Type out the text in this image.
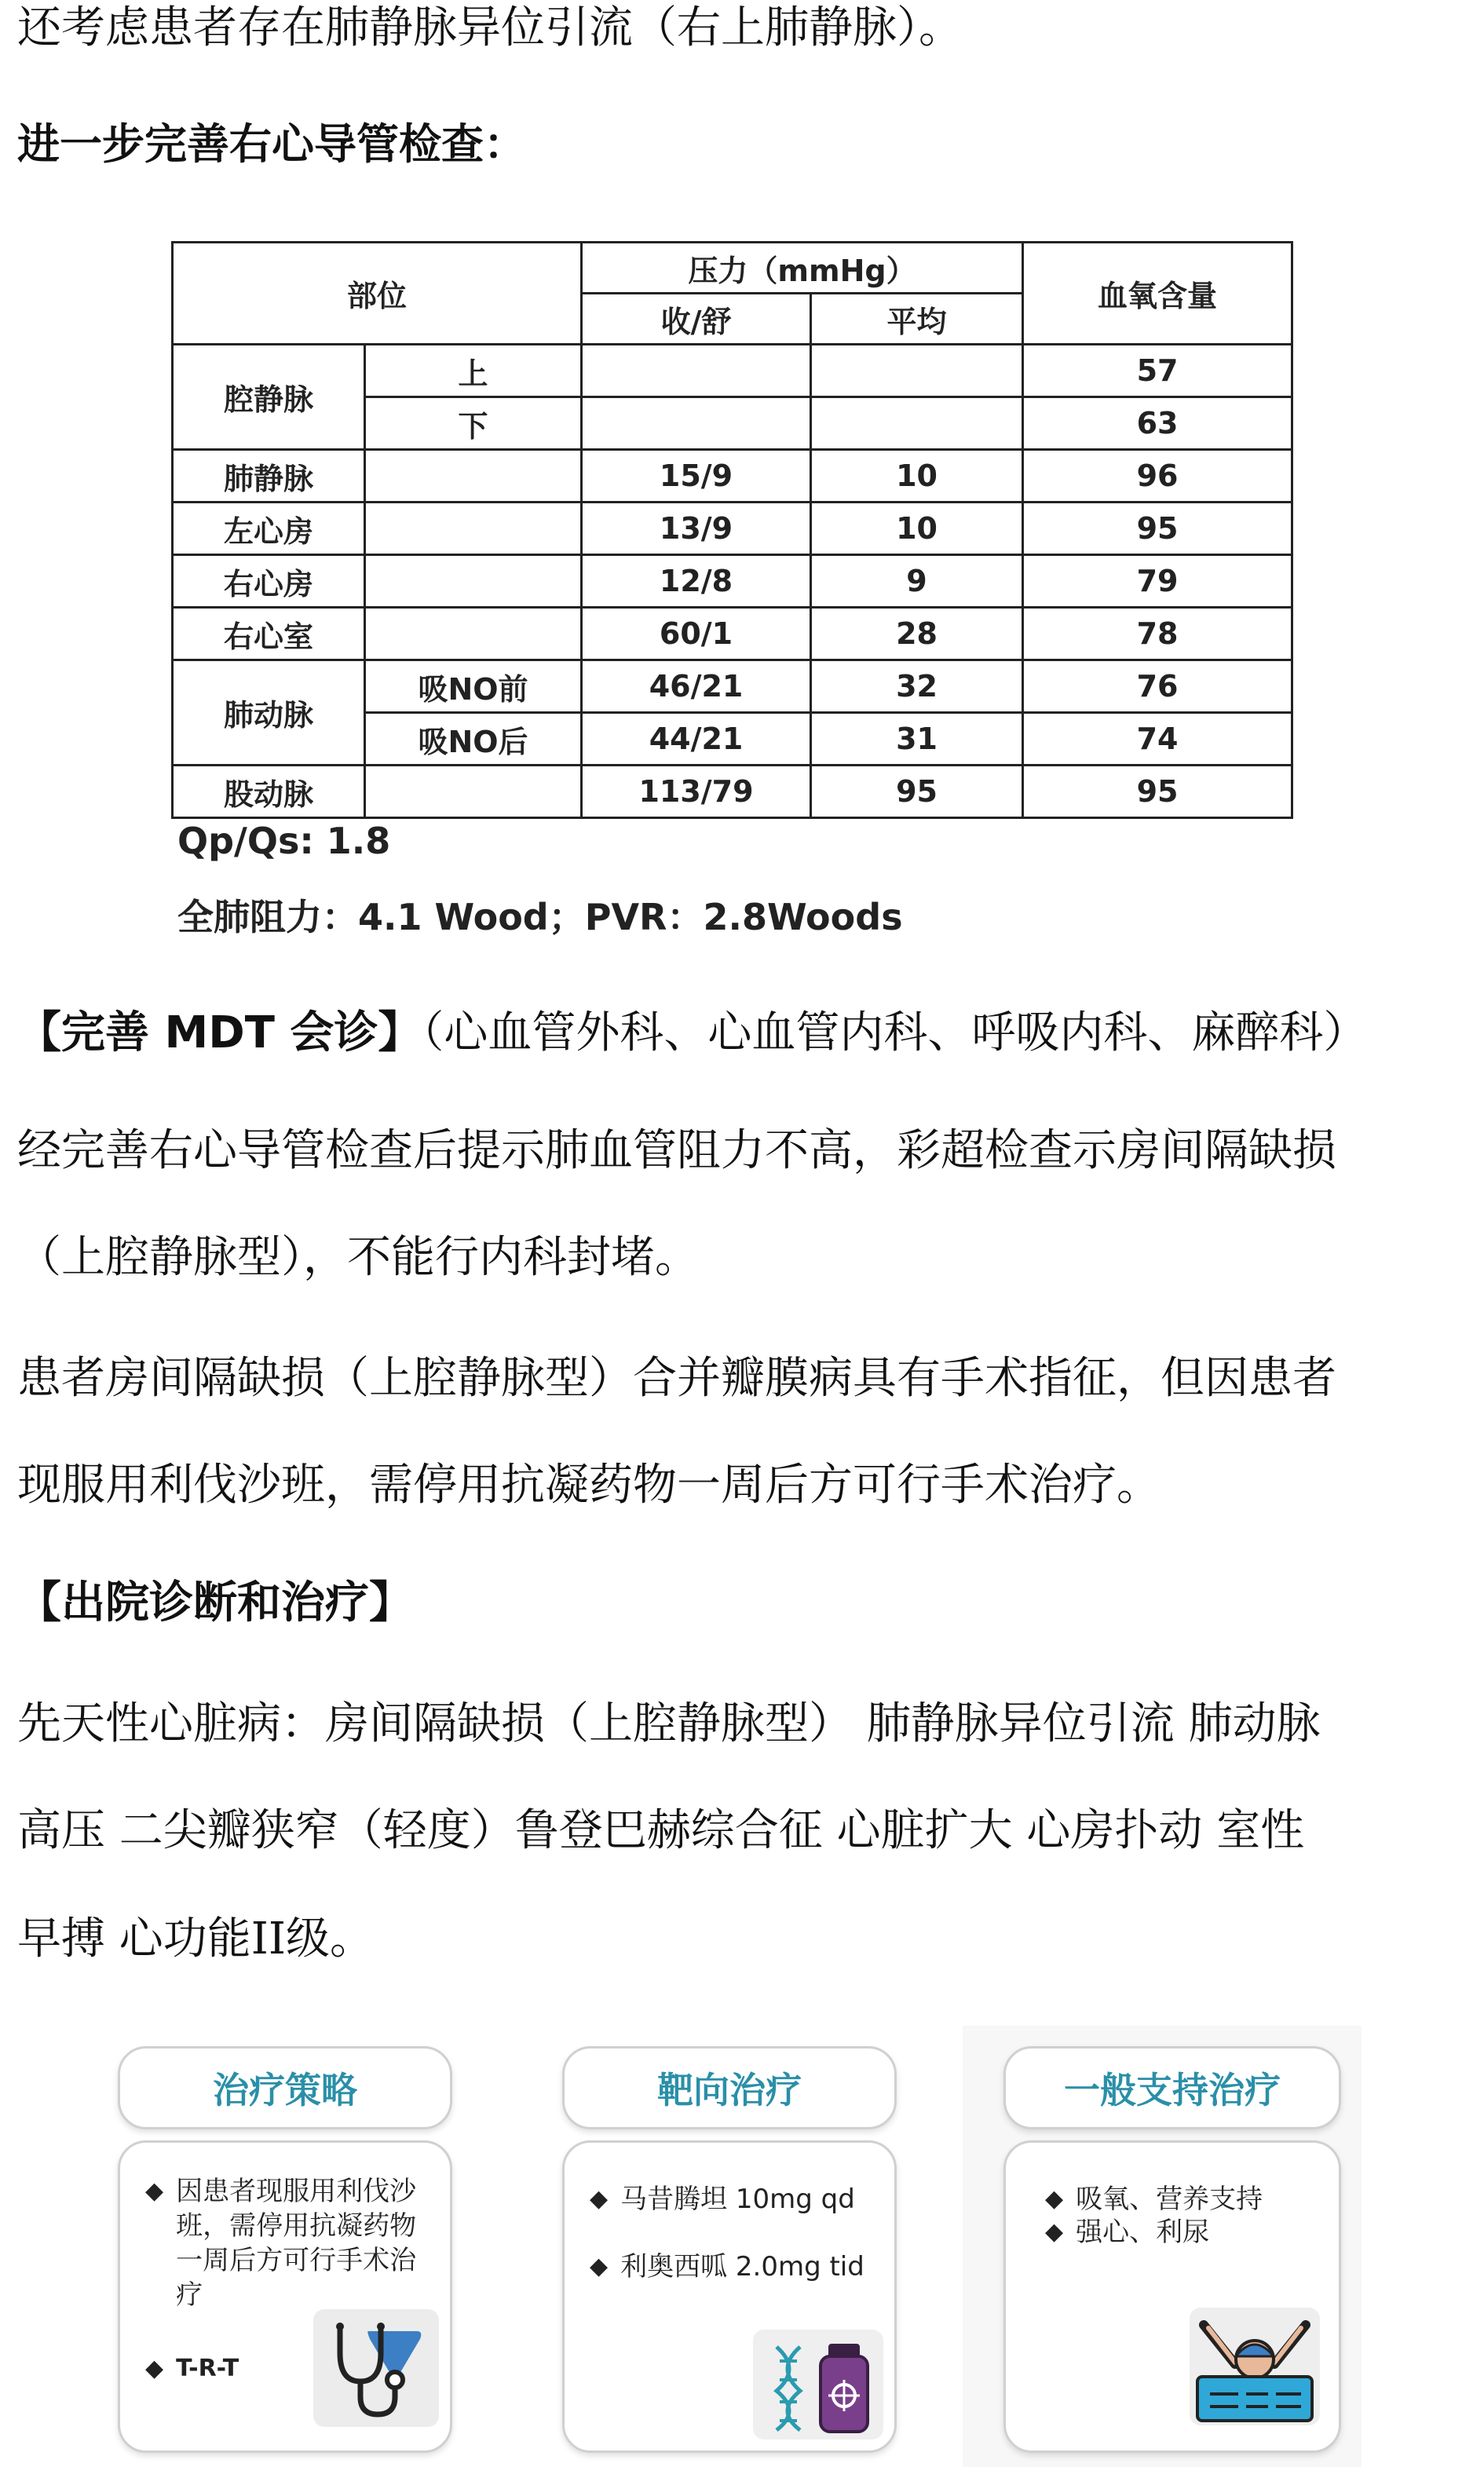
还考虑患者存在肺静脉异位引流（右上肺静脉）。
进一步完善右心导管检查：
部位		压力（mmHg）		血氧含量
		收/舒	平均	
腔静脉	上			57
	下			63
肺静脉		15/9	10	96
左心房		13/9	10	95
右心房		12/8	9	79
右心室		60/1	28	78
肺动脉	吸NO前	46/21	32	76
	吸NO后	44/21	31	74
股动脉		113/79	95	95
Qp/Qs: 1.8
全肺阻力：4.1 Wood；PVR：2.8Woods
【完善 MDT 会诊】（心血管外科、心血管内科、呼吸内科、麻醉科）
经完善右心导管检查后提示肺血管阻力不高，彩超检查示房间隔缺损
（上腔静脉型），不能行内科封堵。
患者房间隔缺损（上腔静脉型）合并瓣膜病具有手术指征，但因患者
现服用利伐沙班，需停用抗凝药物一周后方可行手术治疗。
【出院诊断和治疗】
先天性心脏病：房间隔缺损（上腔静脉型） 肺静脉异位引流 肺动脉
高压 二尖瓣狭窄（轻度）鲁登巴赫综合征 心脏扩大 心房扑动 室性
早搏 心功能II级。
治疗策略
◆ 因患者现服用利伐沙
班，需停用抗凝药物
一周后方可行手术治
疗
◆ T-R-T
靶向治疗
◆ 马昔腾坦 10mg qd
◆ 利奥西呱 2.0mg tid
一般支持治疗
◆ 吸氧、营养支持
◆ 强心、利尿
